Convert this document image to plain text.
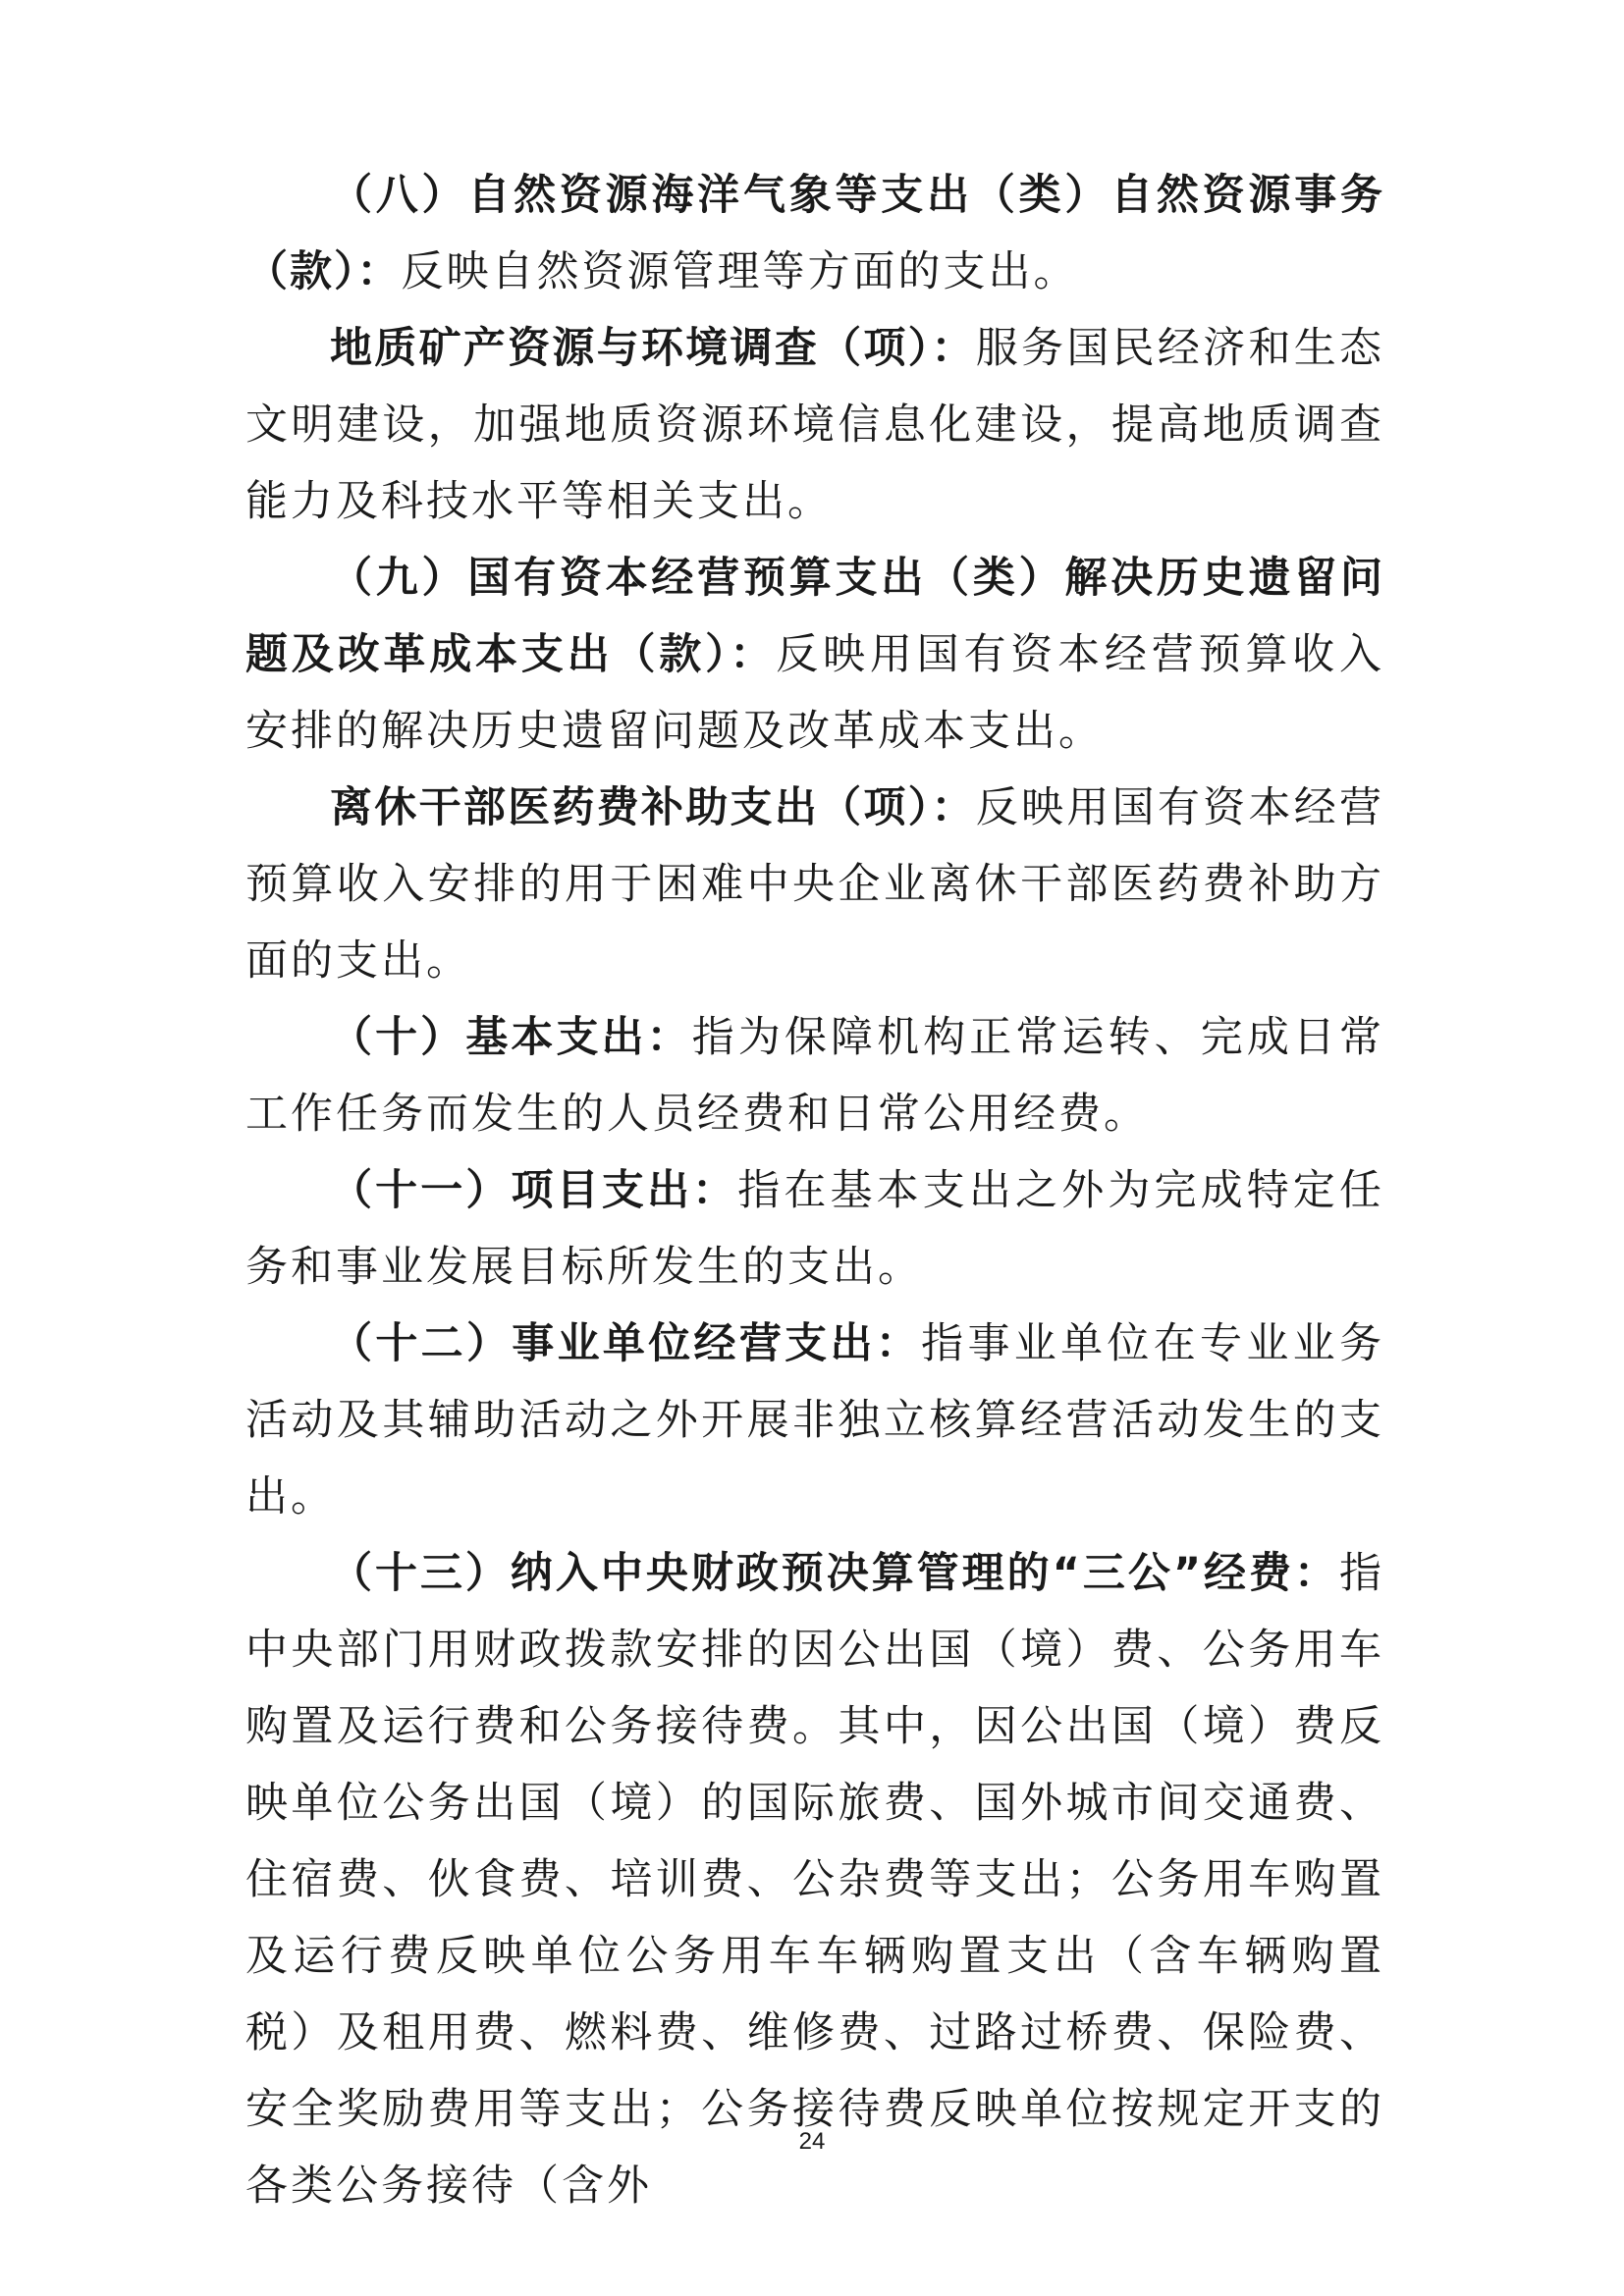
（八）自然资源海洋气象等支出（类）自然资源事务（款）：反映自然资源管理等方面的支出。

地质矿产资源与环境调查（项）：服务国民经济和生态文明建设，加强地质资源环境信息化建设，提高地质调查能力及科技水平等相关支出。

（九）国有资本经营预算支出（类）解决历史遗留问题及改革成本支出（款）：反映用国有资本经营预算收入安排的解决历史遗留问题及改革成本支出。

离休干部医药费补助支出（项）：反映用国有资本经营预算收入安排的用于困难中央企业离休干部医药费补助方面的支出。

（十）基本支出：指为保障机构正常运转、完成日常工作任务而发生的人员经费和日常公用经费。

（十一）项目支出：指在基本支出之外为完成特定任务和事业发展目标所发生的支出。

（十二）事业单位经营支出：指事业单位在专业业务活动及其辅助活动之外开展非独立核算经营活动发生的支出。

（十三）纳入中央财政预决算管理的“三公”经费：指中央部门用财政拨款安排的因公出国（境）费、公务用车购置及运行费和公务接待费。其中，因公出国（境）费反映单位公务出国（境）的国际旅费、国外城市间交通费、住宿费、伙食费、培训费、公杂费等支出；公务用车购置及运行费反映单位公务用车车辆购置支出（含车辆购置税）及租用费、燃料费、维修费、过路过桥费、保险费、安全奖励费用等支出；公务接待费反映单位按规定开支的各类公务接待（含外

24
